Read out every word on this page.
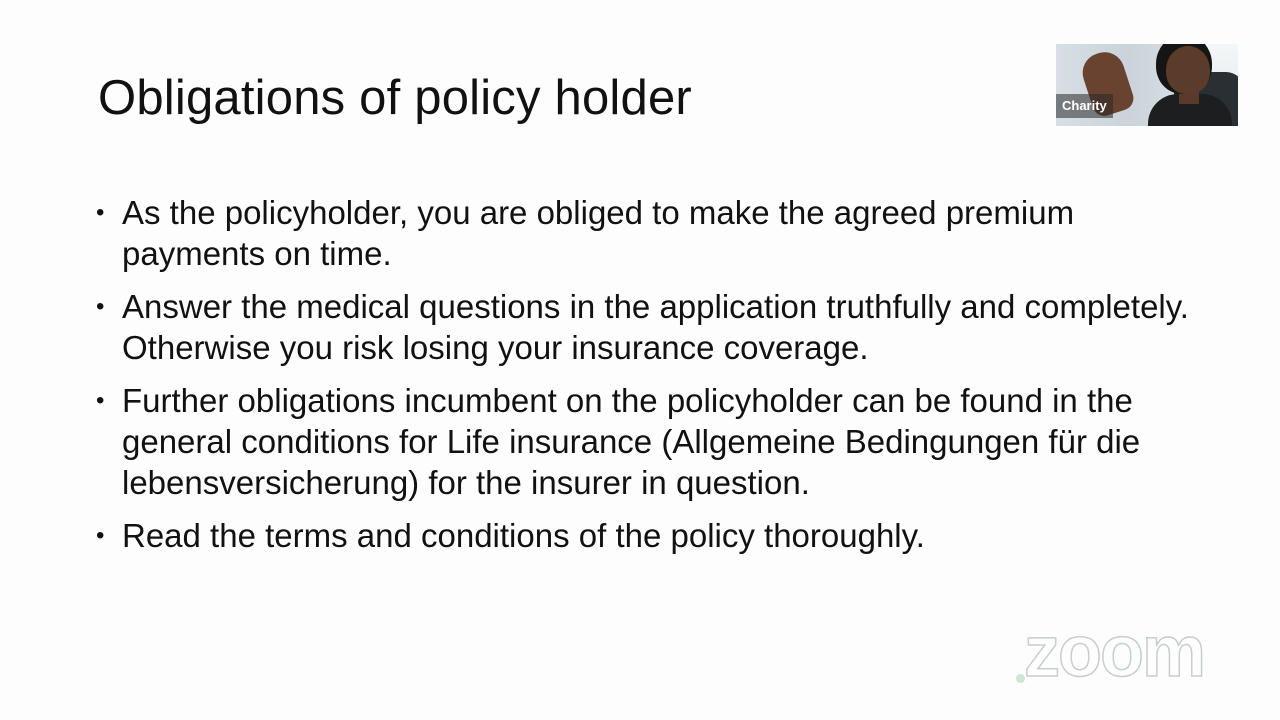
Obligations of policy holder
• As the policyholder, you are obliged to make the agreed premium payments on time.
• Answer the medical questions in the application truthfully and completely. Otherwise you risk losing your insurance coverage.
• Further obligations incumbent on the policyholder can be found in the general conditions for Life insurance (Allgemeine Bedingungen für die lebensversicherung) for the insurer in question.
• Read the terms and conditions of the policy thoroughly.
Charity
zoom
